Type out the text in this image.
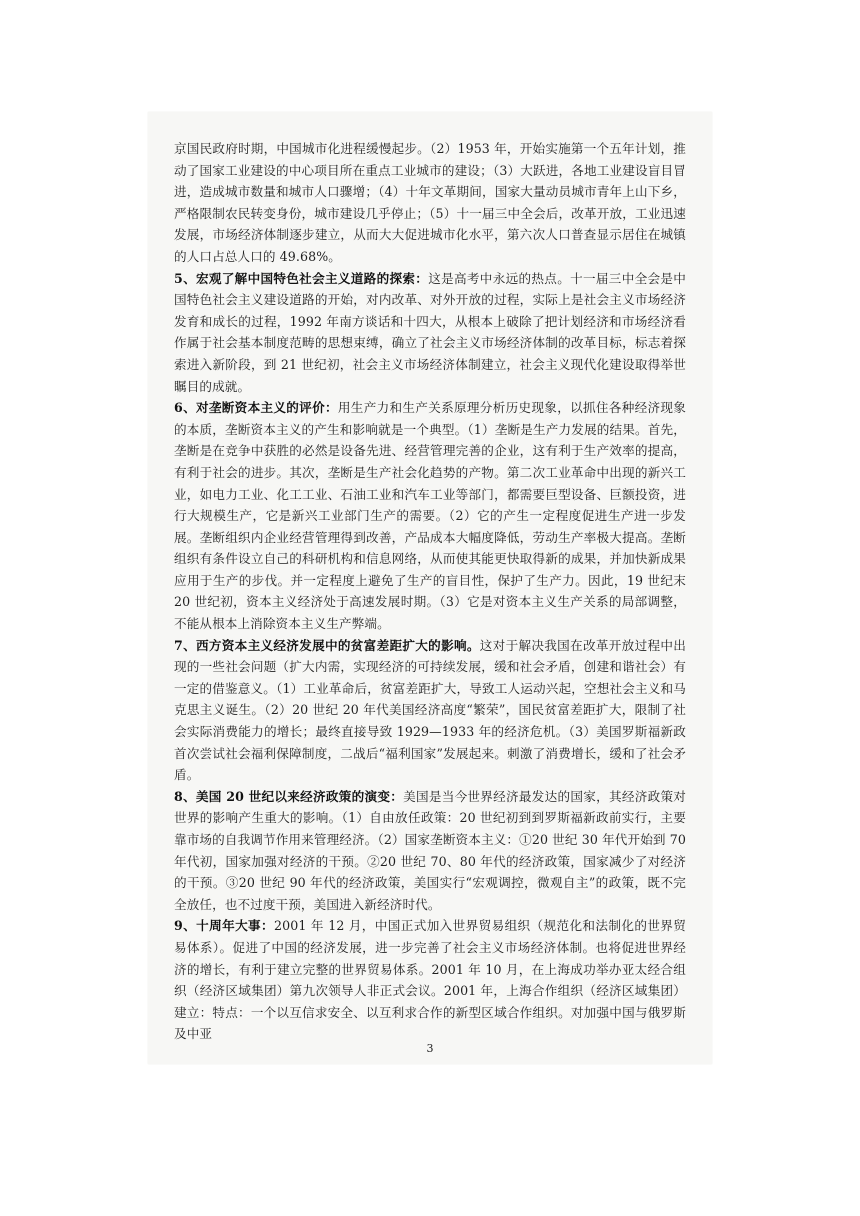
京国民政府时期，中国城市化进程缓慢起步。（2）1953 年，开始实施第一个五年计划，推动了国家工业建设的中心项目所在重点工业城市的建设；（3）大跃进，各地工业建设盲目冒进，造成城市数量和城市人口骤增；（4）十年文革期间，国家大量动员城市青年上山下乡，严格限制农民转变身份，城市建设几乎停止；（5）十一届三中全会后，改革开放，工业迅速发展，市场经济体制逐步建立，从而大大促进城市化水平，第六次人口普查显示居住在城镇的人口占总人口的 49.68%。

5、宏观了解中国特色社会主义道路的探索：这是高考中永远的热点。十一届三中全会是中国特色社会主义建设道路的开始，对内改革、对外开放的过程，实际上是社会主义市场经济发育和成长的过程，1992 年南方谈话和十四大，从根本上破除了把计划经济和市场经济看作属于社会基本制度范畴的思想束缚，确立了社会主义市场经济体制的改革目标，标志着探索进入新阶段，到 21 世纪初，社会主义市场经济体制建立，社会主义现代化建设取得举世瞩目的成就。

6、对垄断资本主义的评价：用生产力和生产关系原理分析历史现象，以抓住各种经济现象的本质，垄断资本主义的产生和影响就是一个典型。（1）垄断是生产力发展的结果。首先，垄断是在竞争中获胜的必然是设备先进、经营管理完善的企业，这有利于生产效率的提高，有利于社会的进步。其次，垄断是生产社会化趋势的产物。第二次工业革命中出现的新兴工业，如电力工业、化工工业、石油工业和汽车工业等部门，都需要巨型设备、巨额投资，进行大规模生产，它是新兴工业部门生产的需要。（2）它的产生一定程度促进生产进一步发展。垄断组织内企业经营管理得到改善，产品成本大幅度降低，劳动生产率极大提高。垄断组织有条件设立自己的科研机构和信息网络，从而使其能更快取得新的成果，并加快新成果应用于生产的步伐。并一定程度上避免了生产的盲目性，保护了生产力。因此，19 世纪末 20 世纪初，资本主义经济处于高速发展时期。（3）它是对资本主义生产关系的局部调整，不能从根本上消除资本主义生产弊端。

7、西方资本主义经济发展中的贫富差距扩大的影响。这对于解决我国在改革开放过程中出现的一些社会问题（扩大内需，实现经济的可持续发展，缓和社会矛盾，创建和谐社会）有一定的借鉴意义。（1）工业革命后，贫富差距扩大，导致工人运动兴起，空想社会主义和马克思主义诞生。（2）20 世纪 20 年代美国经济高度“繁荣”，国民贫富差距扩大，限制了社会实际消费能力的增长；最终直接导致 1929—1933 年的经济危机。（3）美国罗斯福新政首次尝试社会福利保障制度，二战后“福利国家”发展起来。刺激了消费增长，缓和了社会矛盾。

8、美国 20 世纪以来经济政策的演变：美国是当今世界经济最发达的国家，其经济政策对世界的影响产生重大的影响。（1）自由放任政策：20 世纪初到到罗斯福新政前实行，主要靠市场的自我调节作用来管理经济。（2）国家垄断资本主义：①20 世纪 30 年代开始到 70 年代初，国家加强对经济的干预。②20 世纪 70、80 年代的经济政策，国家减少了对经济的干预。③20 世纪 90 年代的经济政策，美国实行“宏观调控，微观自主”的政策，既不完全放任，也不过度干预，美国进入新经济时代。

9、十周年大事：2001 年 12 月，中国正式加入世界贸易组织（规范化和法制化的世界贸易体系）。促进了中国的经济发展，进一步完善了社会主义市场经济体制。也将促进世界经济的增长，有利于建立完整的世界贸易体系。2001 年 10 月，在上海成功举办亚太经合组织（经济区域集团）第九次领导人非正式会议。2001 年，上海合作组织（经济区域集团）建立：特点：一个以互信求安全、以互利求合作的新型区域合作组织。对加强中国与俄罗斯及中亚

3
